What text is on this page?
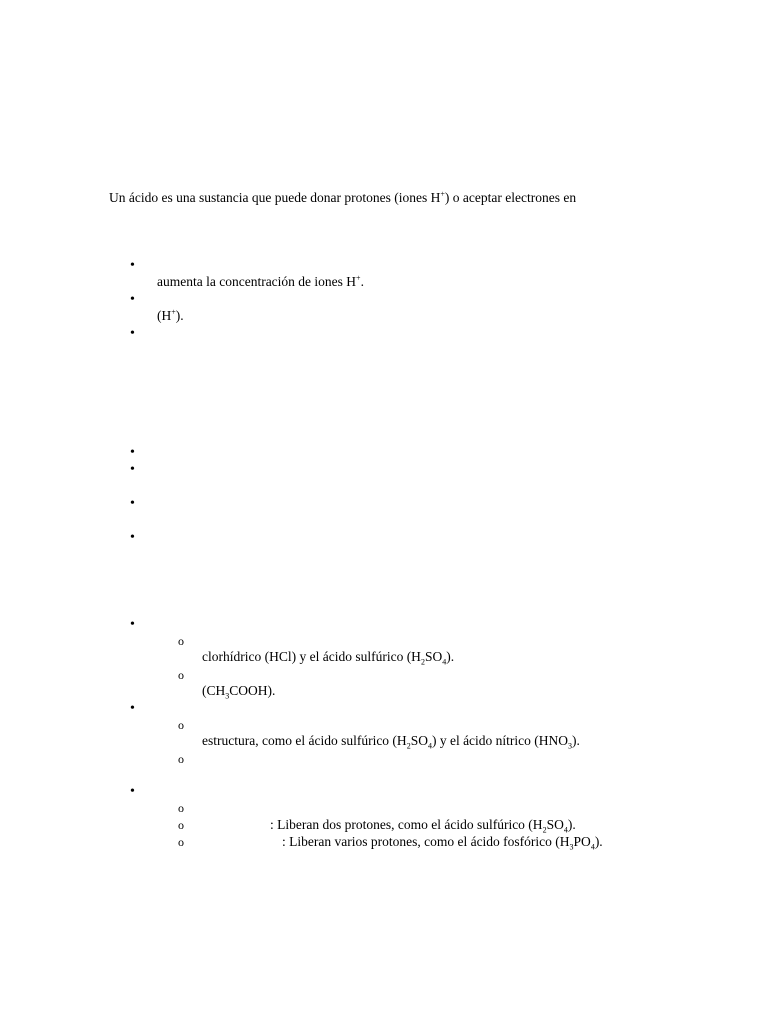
Un ácido es una sustancia que puede donar protones (iones H+) o aceptar electrones en
•
aumenta la concentración de iones H+.
•
(H+).
•
•
•
•
•
•
o
clorhídrico (HCl) y el ácido sulfúrico $(H_2SO_4)$.
o
$(CH_3COOH)$.
•
o
estructura, como el ácido sulfúrico $(H_2SO_4)$ y el ácido nítrico $(HNO_3)$.
o
•
o
o	: Liberan dos protones, como el ácido sulfúrico $(H_2SO_4)$.
o	: Liberan varios protones, como el ácido fosfórico $(H_3PO_4)$.
